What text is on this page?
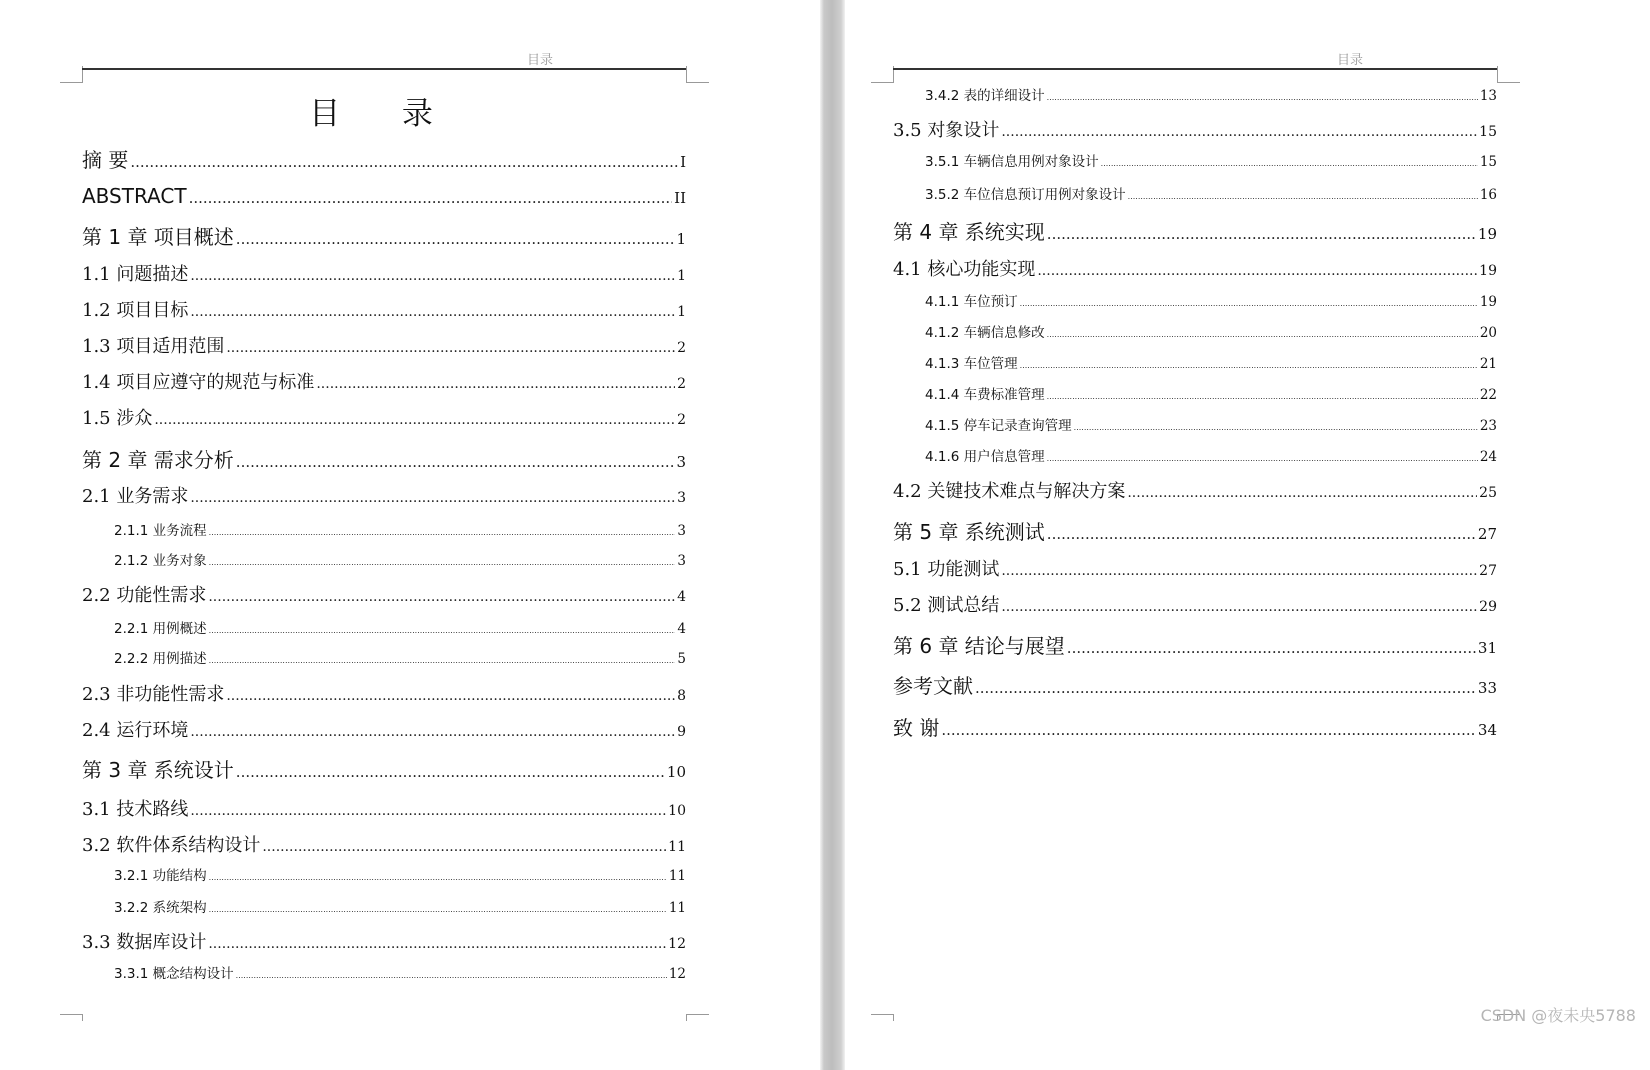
目录
目 录
摘 要 .....	I
ABSTRACT .....	II
第 1 章 项目概述 .....	1
1.1 问题描述 .....	1
1.2 项目目标 .....	1
1.3 项目适用范围 .....	2
1.4 项目应遵守的规范与标准 .....	2
1.5 涉众 .....	2
第 2 章 需求分析 .....	3
2.1 业务需求 .....	3
2.1.1 业务流程 .....	3
2.1.2 业务对象 .....	3
2.2 功能性需求 .....	4
2.2.1 用例概述 .....	4
2.2.2 用例描述 .....	5
2.3 非功能性需求 .....	8
2.4 运行环境 .....	9
第 3 章 系统设计 .....	10
3.1 技术路线 .....	10
3.2 软件体系结构设计 .....	11
3.2.1 功能结构 .....	11
3.2.2 系统架构 .....	11
3.3 数据库设计 .....	12
3.3.1 概念结构设计 .....	12
目录
3.4.2 表的详细设计 .....	13
3.5 对象设计 .....	15
3.5.1 车辆信息用例对象设计 .....	15
3.5.2 车位信息预订用例对象设计 .....	16
第 4 章 系统实现 .....	19
4.1 核心功能实现 .....	19
4.1.1 车位预订 .....	19
4.1.2 车辆信息修改 .....	20
4.1.3 车位管理 .....	21
4.1.4 车费标准管理 .....	22
4.1.5 停车记录查询管理 .....	23
4.1.6 用户信息管理 .....	24
4.2 关键技术难点与解决方案 .....	25
第 5 章 系统测试 .....	27
5.1 功能测试 .....	27
5.2 测试总结 .....	29
第 6 章 结论与展望 .....	31
参考文献 .....	33
致 谢 .....	34
CSDN @夜未央5788
